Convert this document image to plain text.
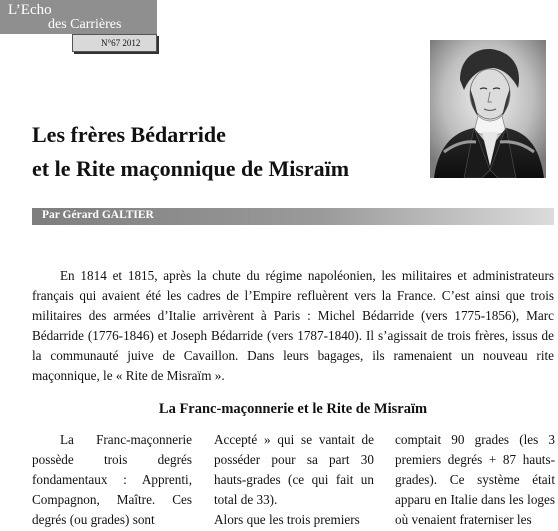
L’Echo
des Carrières
N°67 2012
Les frères Bédarride
et le Rite maçonnique de Misraïm
Par Gérard GALTIER

En 1814 et 1815, après la chute du régime napoléonien, les militaires et administrateurs français qui avaient été les cadres de l’Empire refluèrent vers la France. C’est ainsi que trois militaires des armées d’Italie arrivèrent à Paris : Michel Bédarride (vers 1775-1856), Marc Bédarride (1776-1846) et Joseph Bédarride (vers 1787-1840). Il s’agissait de trois frères, issus de la communauté juive de Cavaillon. Dans leurs bagages, ils ramenaient un nouveau rite maçonnique, le « Rite de Misraïm ».

La Franc-maçonnerie et le Rite de Misraïm

La Franc-maçonnerie possède trois degrés fondamentaux : Apprenti, Compagnon, Maître. Ces degrés (ou grades) sont

Accepté » qui se vantait de posséder pour sa part 30 hauts-grades (ce qui fait un total de 33).

Alors que les trois premiers

comptait 90 grades (les 3 premiers degrés + 87 hauts-grades). Ce système était apparu en Italie dans les loges où venaient fraterniser les
